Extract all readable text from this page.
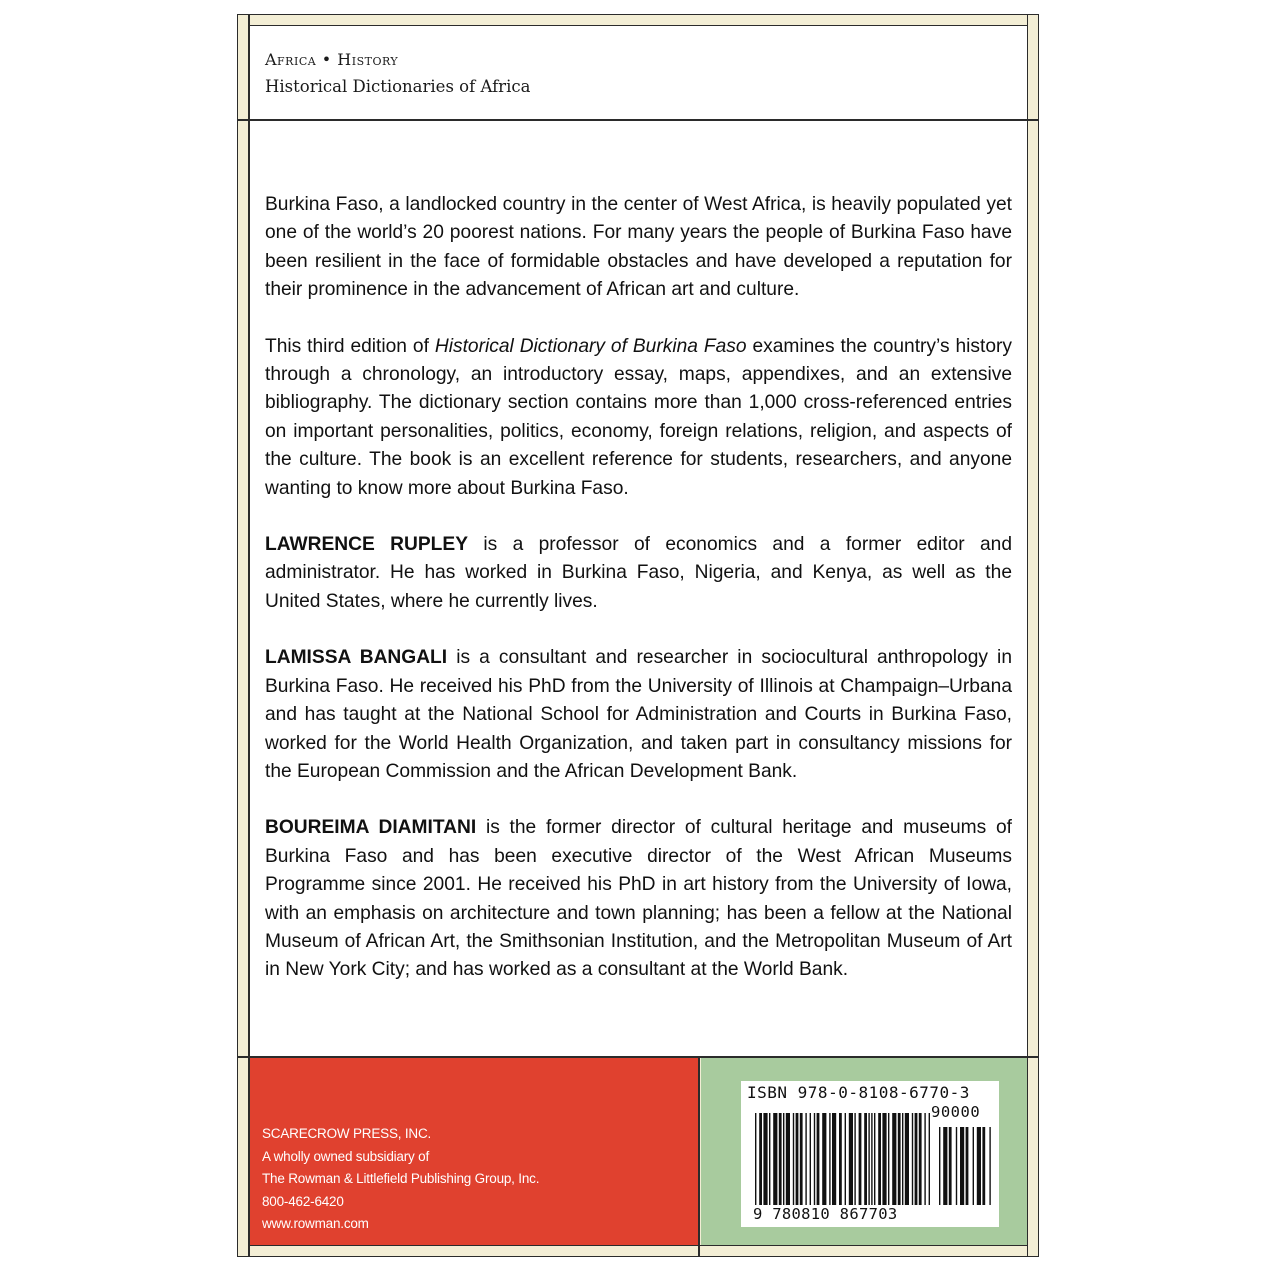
Africa • History
Historical Dictionaries of Africa

Burkina Faso, a landlocked country in the center of West Africa, is heavily populated yet one of the world’s 20 poorest nations. For many years the people of Burkina Faso have been resilient in the face of formidable obstacles and have developed a reputation for their prominence in the advancement of African art and culture.

This third edition of Historical Dictionary of Burkina Faso examines the country’s history through a chronology, an introductory essay, maps, appendixes, and an extensive bibliography. The dictionary section contains more than 1,000 cross-referenced entries on important personalities, politics, economy, foreign relations, religion, and aspects of the culture. The book is an excellent reference for students, researchers, and anyone wanting to know more about Burkina Faso.

LAWRENCE RUPLEY is a professor of economics and a former editor and administrator. He has worked in Burkina Faso, Nigeria, and Kenya, as well as the United States, where he currently lives.

LAMISSA BANGALI is a consultant and researcher in sociocultural anthropology in Burkina Faso. He received his PhD from the University of Illinois at Champaign–Urbana and has taught at the National School for Administration and Courts in Burkina Faso, worked for the World Health Organization, and taken part in consultancy missions for the European Commission and the African Development Bank.

BOUREIMA DIAMITANI is the former director of cultural heritage and museums of Burkina Faso and has been executive director of the West African Museums Programme since 2001. He received his PhD in art history from the University of Iowa, with an emphasis on architecture and town planning; has been a fellow at the National Museum of African Art, the Smithsonian Institution, and the Metropolitan Museum of Art in New York City; and has worked as a consultant at the World Bank.

SCARECROW PRESS, INC.
A wholly owned subsidiary of
The Rowman & Littlefield Publishing Group, Inc.
800-462-6420
www.rowman.com
ISBN 978-0-8108-6770-3
90000
9 780810 867703
